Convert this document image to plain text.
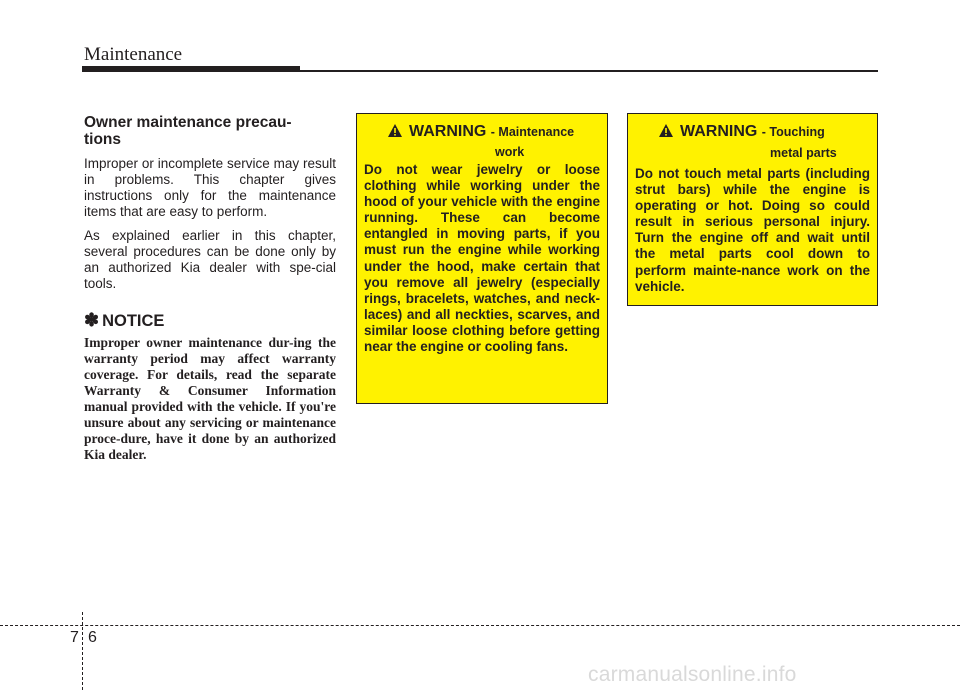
Maintenance
Owner maintenance precau-
tions

Improper or incomplete service may result in problems. This chapter gives instructions only for the maintenance items that are easy to perform.

As explained earlier in this chapter, several procedures can be done only by an authorized Kia dealer with spe-cial tools.

✽ NOTICE

Improper owner maintenance dur-ing the warranty period may affect warranty coverage. For details, read the separate Warranty & Consumer Information manual provided with the vehicle. If you're unsure about any servicing or maintenance proce-dure, have it done by an authorized Kia dealer.

WARNING - Maintenance
work
Do not wear jewelry or loose clothing while working under the hood of your vehicle with the engine running. These can become entangled in moving parts, if you must run the engine while working under the hood, make certain that you remove all jewelry (especially rings, bracelets, watches, and neck-laces) and all neckties, scarves, and similar loose clothing before getting near the engine or cooling fans.
WARNING - Touching
metal parts
Do not touch metal parts (including strut bars) while the engine is operating or hot. Doing so could result in serious personal injury. Turn the engine off and wait until the metal parts cool down to perform mainte-nance work on the vehicle.
7 6
carmanualsonline.info
